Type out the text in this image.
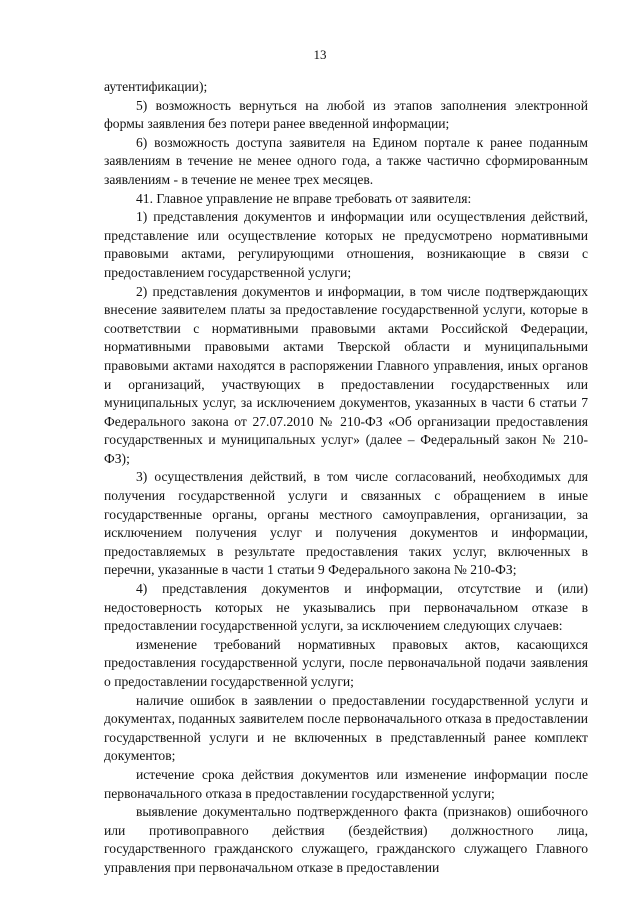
13

аутентификации);

5) возможность вернуться на любой из этапов заполнения электронной формы заявления без потери ранее введенной информации;

6) возможность доступа заявителя на Едином портале к ранее поданным заявлениям в течение не менее одного года, а также частично сформированным заявлениям - в течение не менее трех месяцев.

41. Главное управление не вправе требовать от заявителя:

1) представления документов и информации или осуществления действий, представление или осуществление которых не предусмотрено нормативными правовыми актами, регулирующими отношения, возникающие в связи с предоставлением государственной услуги;

2) представления документов и информации, в том числе подтверждающих внесение заявителем платы за предоставление государственной услуги, которые в соответствии с нормативными правовыми актами Российской Федерации, нормативными правовыми актами Тверской области и муниципальными правовыми актами находятся в распоряжении Главного управления, иных органов и организаций, участвующих в предоставлении государственных или муниципальных услуг, за исключением документов, указанных в части 6 статьи 7 Федерального закона от 27.07.2010 № 210-ФЗ «Об организации предоставления государственных и муниципальных услуг» (далее – Федеральный закон № 210-ФЗ);

3) осуществления действий, в том числе согласований, необходимых для получения государственной услуги и связанных с обращением в иные государственные органы, органы местного самоуправления, организации, за исключением получения услуг и получения документов и информации, предоставляемых в результате предоставления таких услуг, включенных в перечни, указанные в части 1 статьи 9 Федерального закона № 210-ФЗ;

4) представления документов и информации, отсутствие и (или) недостоверность которых не указывались при первоначальном отказе в предоставлении государственной услуги, за исключением следующих случаев:

изменение требований нормативных правовых актов, касающихся предоставления государственной услуги, после первоначальной подачи заявления о предоставлении государственной услуги;

наличие ошибок в заявлении о предоставлении государственной услуги и документах, поданных заявителем после первоначального отказа в предоставлении государственной услуги и не включенных в представленный ранее комплект документов;

истечение срока действия документов или изменение информации после первоначального отказа в предоставлении государственной услуги;

выявление документально подтвержденного факта (признаков) ошибочного или противоправного действия (бездействия) должностного лица, государственного гражданского служащего, гражданского служащего Главного управления при первоначальном отказе в предоставлении
